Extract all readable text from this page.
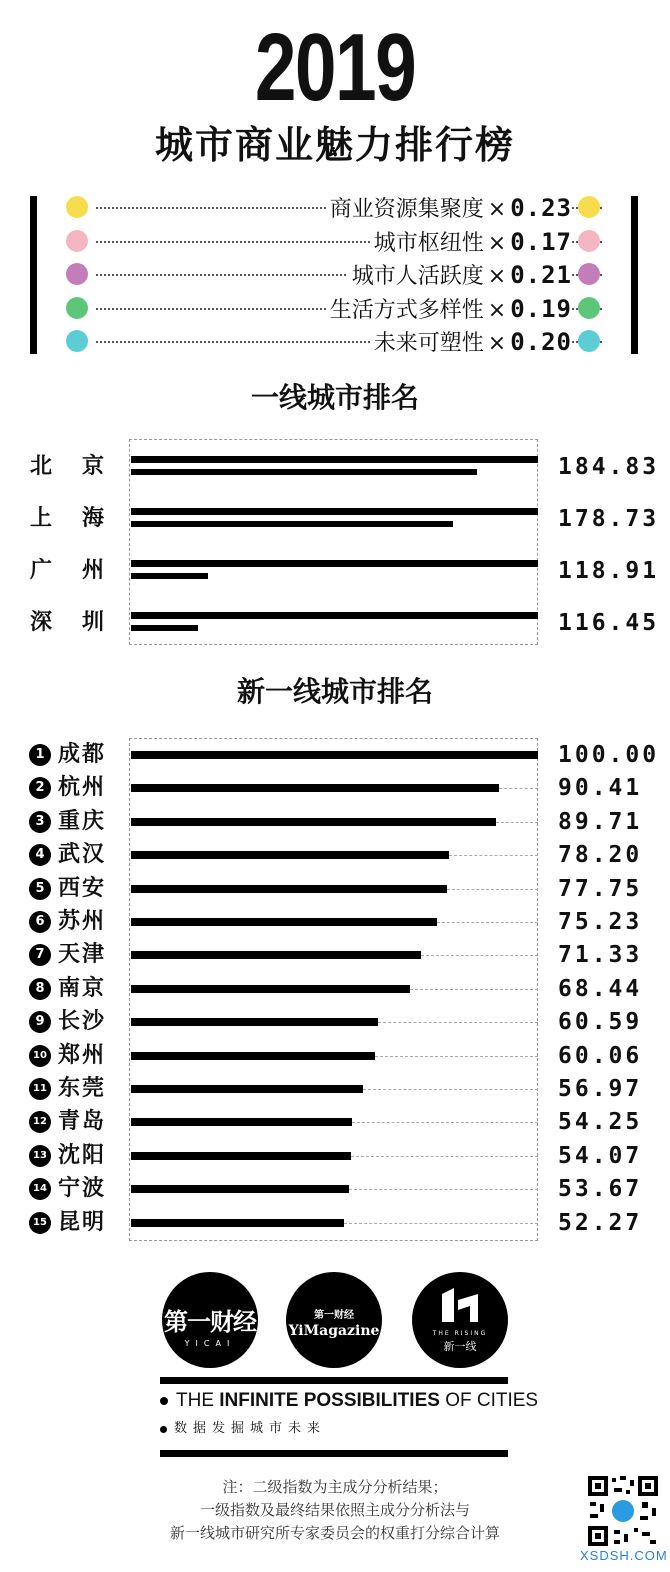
2019
城市商业魅力排行榜
商业资源集聚度 × 0.23
城市枢纽性 × 0.17
城市人活跃度 × 0.21
生活方式多样性 × 0.19
未来可塑性 × 0.20
一线城市排名
北　京	184.83
上　海	178.73
广　州	118.91
深　圳	116.45
新一线城市排名
1 成都	100.00
2 杭州	90.41
3 重庆	89.71
4 武汉	78.20
5 西安	77.75
6 苏州	75.23
7 天津	71.33
8 南京	68.44
9 长沙	60.59
10 郑州	60.06
11 东莞	56.97
12 青岛	54.25
13 沈阳	54.07
14 宁波	53.67
15 昆明	52.27
第一财经
YICAI
第一财经
YiMagazine	THE RISING
新一线
THE INFINITE POSSIBILITIES OF CITIES
数据发掘城市未来
注：二级指数为主成分分析结果；
一级指数及最终结果依照主成分分析法与
新一线城市研究所专家委员会的权重打分综合计算
XSDSH.COM
